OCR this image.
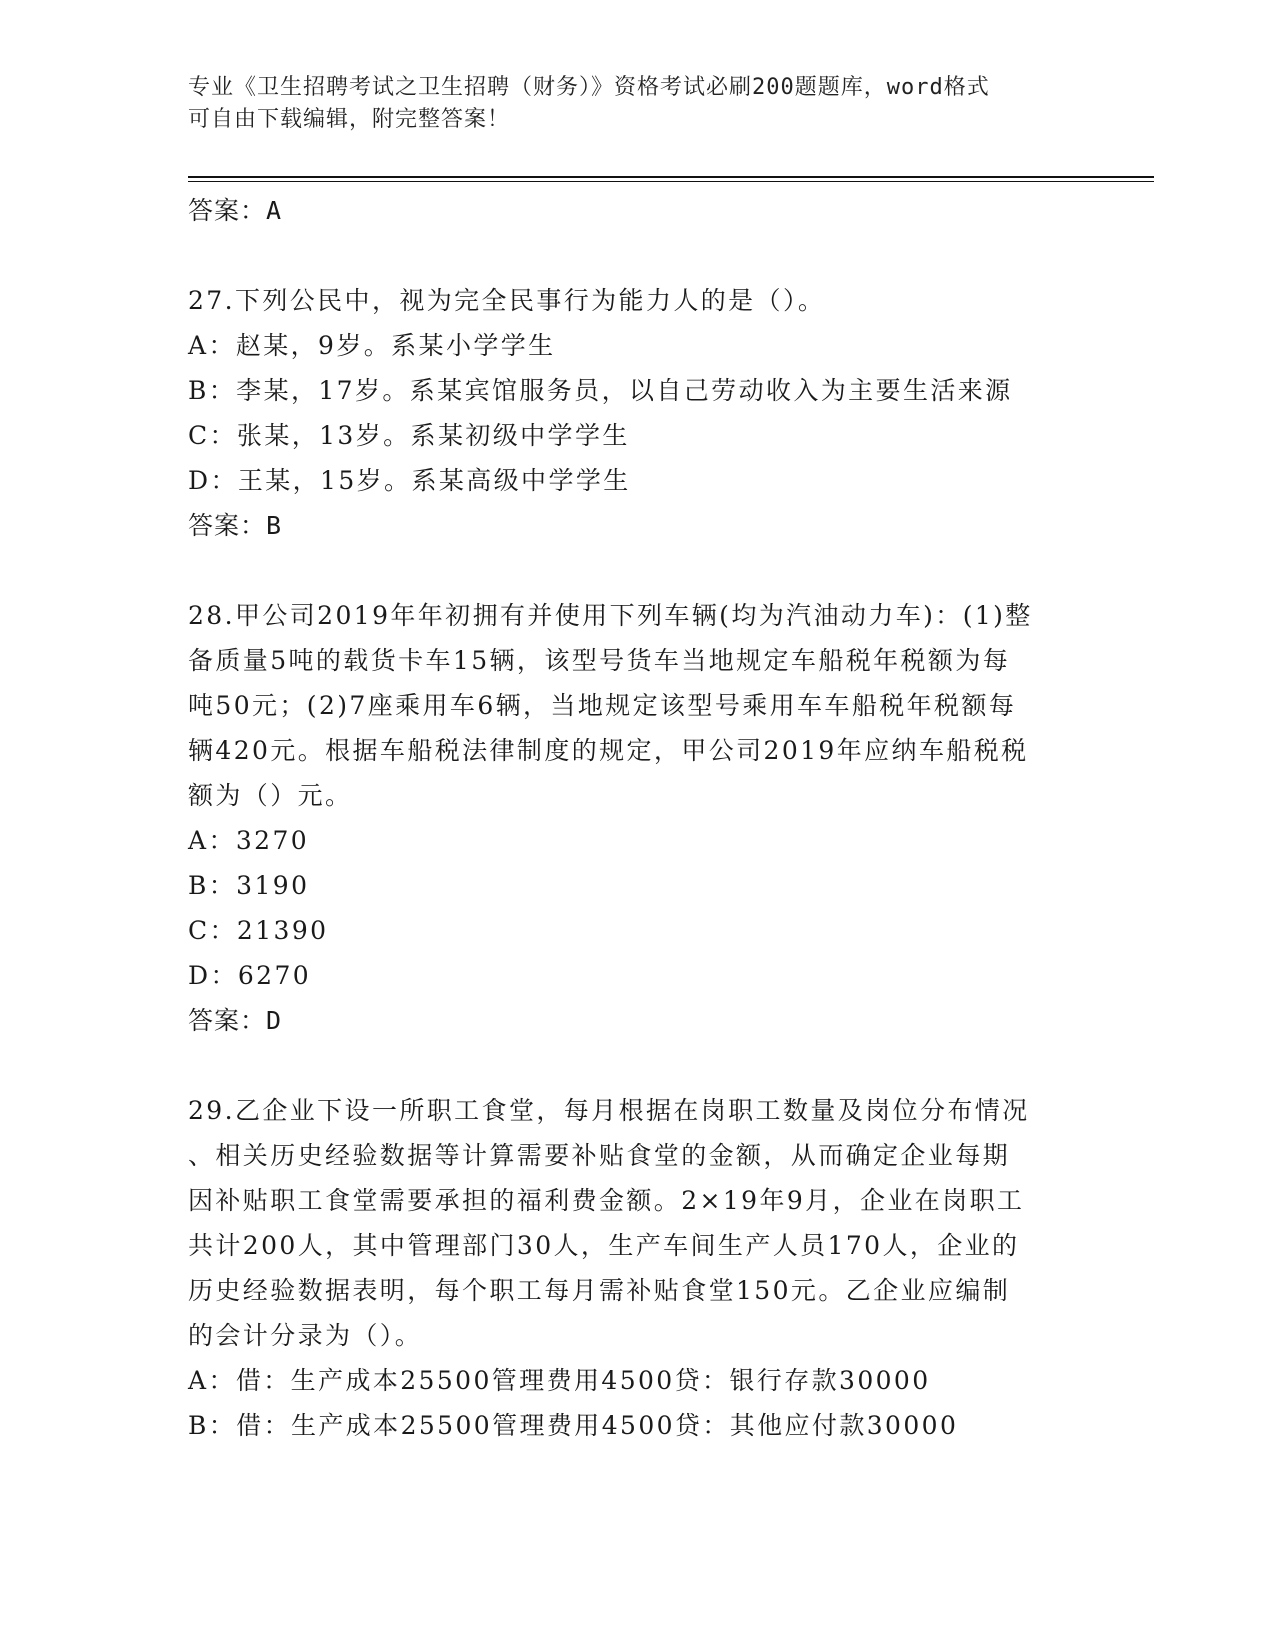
专业《卫生招聘考试之卫生招聘（财务）》资格考试必刷200题题库，word格式
可自由下载编辑，附完整答案！
答案：A
27.下列公民中，视为完全民事行为能力人的是（）。
A：赵某，9岁。系某小学学生
B：李某，17岁。系某宾馆服务员，以自己劳动收入为主要生活来源
C：张某，13岁。系某初级中学学生
D：王某，15岁。系某高级中学学生
答案：B
28.甲公司2019年年初拥有并使用下列车辆(均为汽油动力车)：(1)整
备质量5吨的载货卡车15辆，该型号货车当地规定车船税年税额为每
吨50元；(2)7座乘用车6辆，当地规定该型号乘用车车船税年税额每
辆420元。根据车船税法律制度的规定，甲公司2019年应纳车船税税
额为（）元。
A：3270
B：3190
C：21390
D：6270
答案：D
29.乙企业下设一所职工食堂，每月根据在岗职工数量及岗位分布情况
、相关历史经验数据等计算需要补贴食堂的金额，从而确定企业每期
因补贴职工食堂需要承担的福利费金额。2×19年9月，企业在岗职工
共计200人，其中管理部门30人，生产车间生产人员170人，企业的
历史经验数据表明，每个职工每月需补贴食堂150元。乙企业应编制
的会计分录为（）。
A：借：生产成本25500管理费用4500贷：银行存款30000
B：借：生产成本25500管理费用4500贷：其他应付款30000
